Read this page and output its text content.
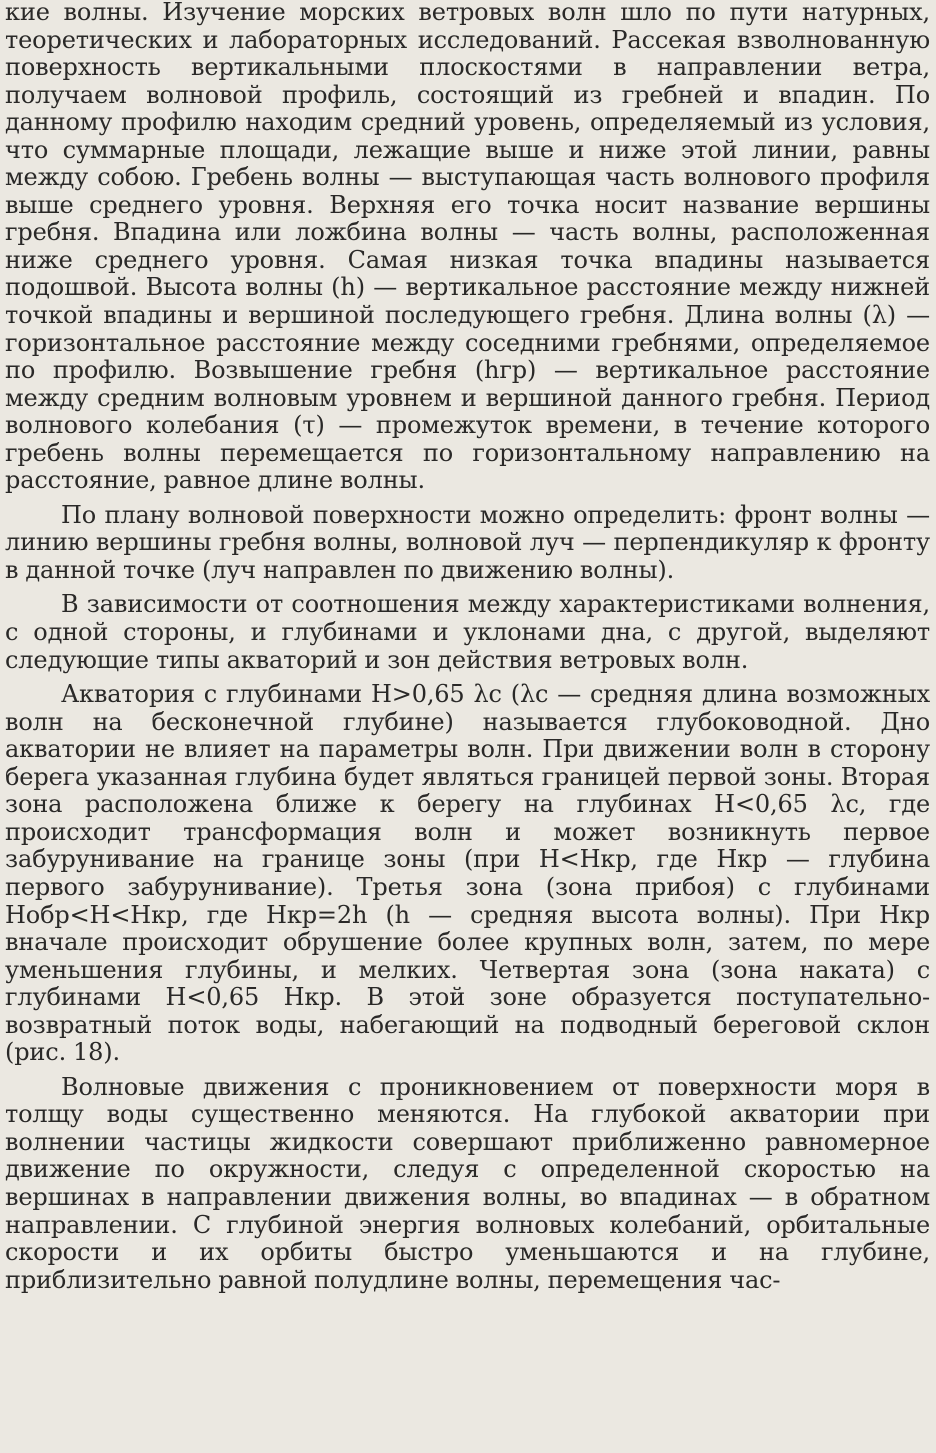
кие волны. Изучение морских ветровых волн шло по пути натурных, теоретических и лабораторных исследований. Рассекая взволнованную поверхность вертикальными плоскостями в направлении ветра, получаем волновой профиль, состоящий из гребней и впадин. По данному профилю находим средний уровень, определяемый из условия, что суммарные площади, лежащие выше и ниже этой линии, равны между собою. Гребень волны — выступающая часть волнового профиля выше среднего уровня. Верхняя его точка носит название вершины гребня. Впадина или ложбина волны — часть волны, расположенная ниже среднего уровня. Самая низкая точка впадины называется подошвой. Высота волны (h) — вертикальное расстояние между нижней точкой впадины и вершиной последующего гребня. Длина волны (λ) — горизонтальное расстояние между соседними гребнями, определяемое по профилю. Возвышение гребня (hгр) — вертикальное расстояние между средним волновым уровнем и вершиной данного гребня. Период волнового колебания (τ) — промежуток времени, в течение которого гребень волны перемещается по горизонтальному направлению на расстояние, равное длине волны.

По плану волновой поверхности можно определить: фронт волны — линию вершины гребня волны, волновой луч — перпендикуляр к фронту в данной точке (луч направлен по движению волны).

В зависимости от соотношения между характеристиками волнения, с одной стороны, и глубинами и уклонами дна, с другой, выделяют следующие типы акваторий и зон действия ветровых волн.

Акватория с глубинами H>0,65 λc (λc — средняя длина возможных волн на бесконечной глубине) называется глубоководной. Дно акватории не влияет на параметры волн. При движении волн в сторону берега указанная глубина будет являться границей первой зоны. Вторая зона расположена ближе к берегу на глубинах H<0,65 λc, где происходит трансформация волн и может возникнуть первое забуруниваниe на границе зоны (при H<Hкр, где Hкр — глубина первого забуруниваниe). Третья зона (зона прибоя) с глубинами Hобр<H<Hкр, где Hкр=2h (h — средняя высота волны). При Hкр вначале происходит обрушение более крупных волн, затем, по мере уменьшения глубины, и мелких. Четвертая зона (зона наката) с глубинами H<0,65 Hкр. В этой зоне образуется поступательно-возвратный поток воды, набегающий на подводный береговой склон (рис. 18).

Волновые движения с проникновением от поверхности моря в толщу воды существенно меняются. На глубокой акватории при волнении частицы жидкости совершают приближенно равномерное движение по окружности, следуя с определенной скоростью на вершинах в направлении движения волны, во впадинах — в обратном направлении. С глубиной энергия волновых колебаний, орбитальные скорости и их орбиты быстро уменьшаются и на глубине, приблизительно равной полудлине волны, перемещения час-
